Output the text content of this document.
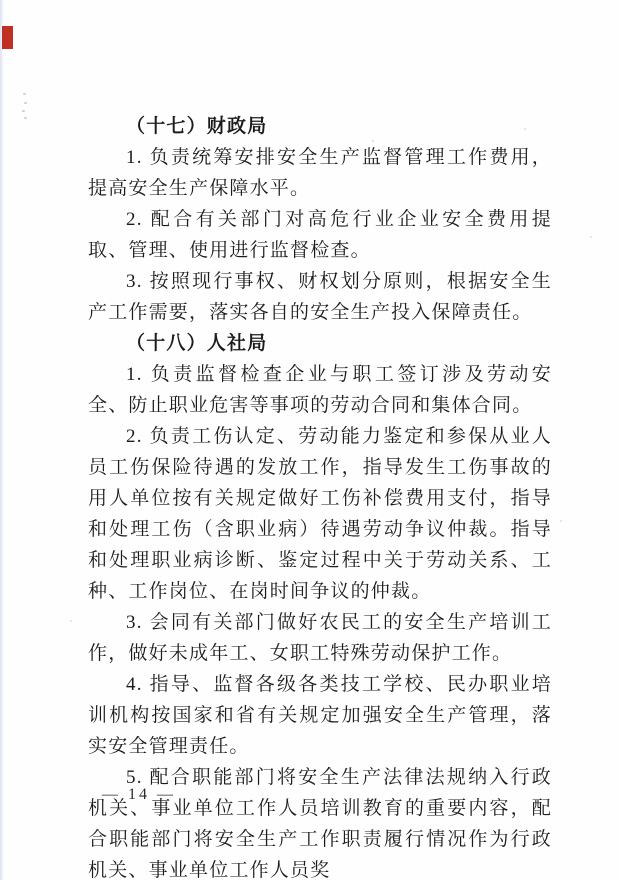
（十七）财政局

1. 负责统筹安排安全生产监督管理工作费用，提高安全生产保障水平。

2. 配合有关部门对高危行业企业安全费用提取、管理、使用进行监督检查。

3. 按照现行事权、财权划分原则，根据安全生产工作需要，落实各自的安全生产投入保障责任。

（十八）人社局

1. 负责监督检查企业与职工签订涉及劳动安全、防止职业危害等事项的劳动合同和集体合同。

2. 负责工伤认定、劳动能力鉴定和参保从业人员工伤保险待遇的发放工作，指导发生工伤事故的用人单位按有关规定做好工伤补偿费用支付，指导和处理工伤（含职业病）待遇劳动争议仲裁。指导和处理职业病诊断、鉴定过程中关于劳动关系、工种、工作岗位、在岗时间争议的仲裁。

3. 会同有关部门做好农民工的安全生产培训工作，做好未成年工、女职工特殊劳动保护工作。

4. 指导、监督各级各类技工学校、民办职业培训机构按国家和省有关规定加强安全生产管理，落实安全管理责任。

5. 配合职能部门将安全生产法律法规纳入行政机关、事业单位工作人员培训教育的重要内容，配合职能部门将安全生产工作职责履行情况作为行政机关、事业单位工作人员奖

— 14 —
